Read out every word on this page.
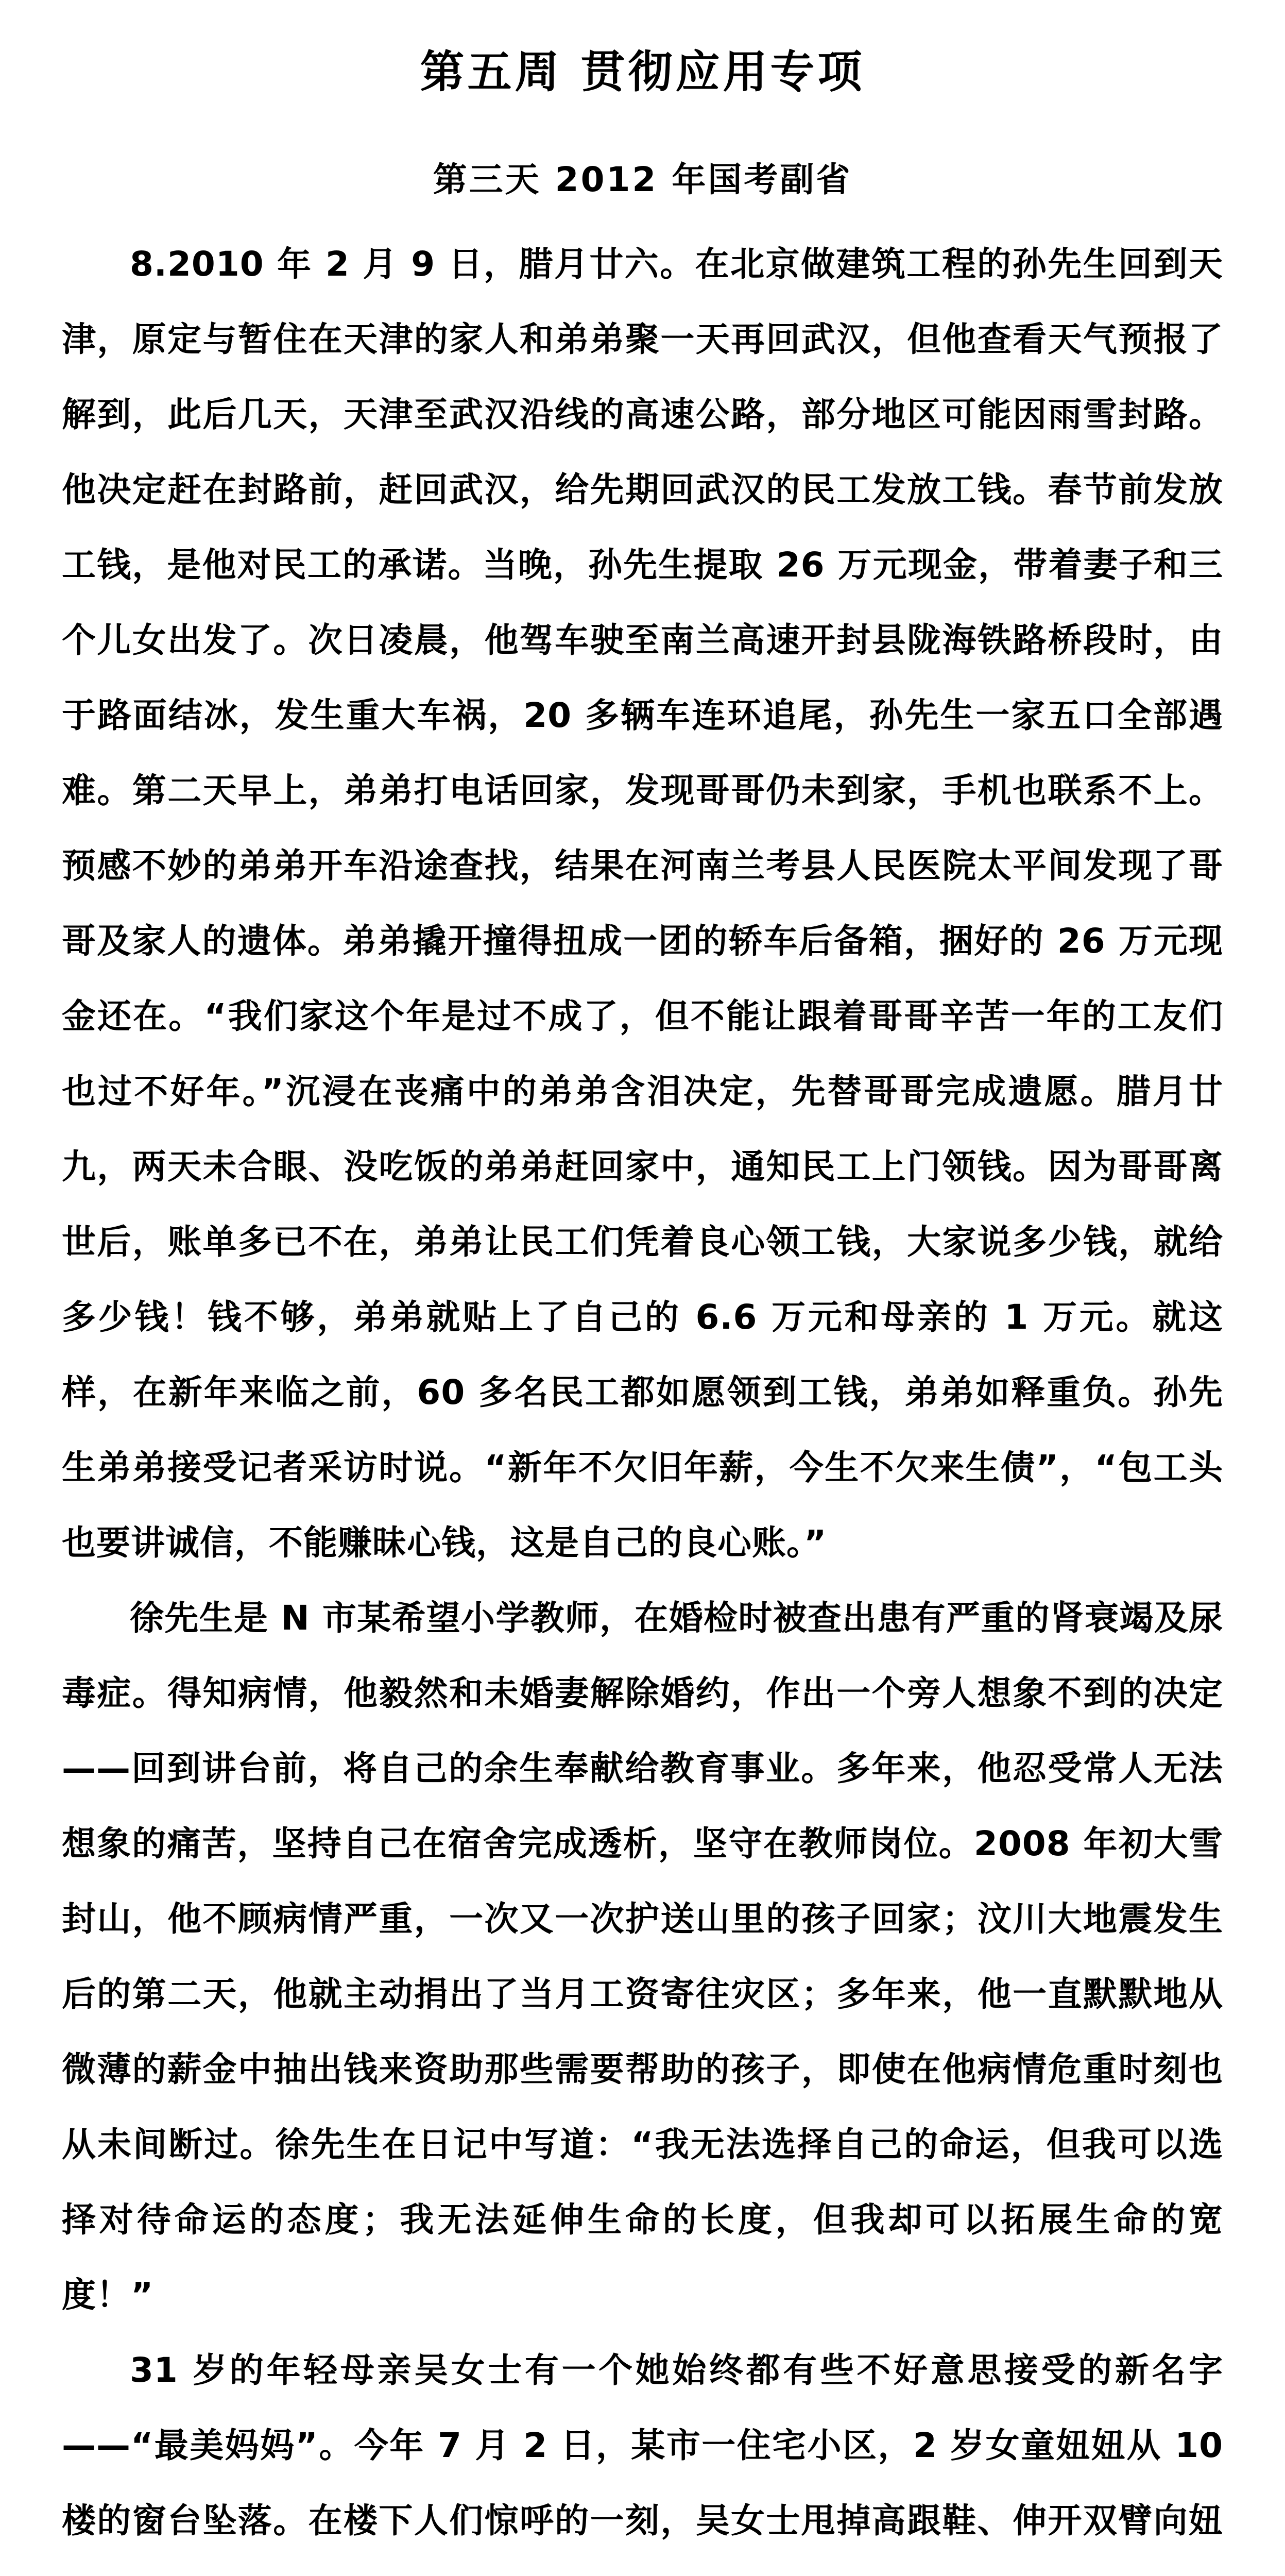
第五周 贯彻应用专项
第三天 2012 年国考副省

8.2010 年 2 月 9 日，腊月廿六。在北京做建筑工程的孙先生回到天津，原定与暂住在天津的家人和弟弟聚一天再回武汉，但他查看天气预报了解到，此后几天，天津至武汉沿线的高速公路，部分地区可能因雨雪封路。他决定赶在封路前，赶回武汉，给先期回武汉的民工发放工钱。春节前发放工钱，是他对民工的承诺。当晚，孙先生提取 26 万元现金，带着妻子和三个儿女出发了。次日凌晨，他驾车驶至南兰高速开封县陇海铁路桥段时，由于路面结冰，发生重大车祸，20 多辆车连环追尾，孙先生一家五口全部遇难。第二天早上，弟弟打电话回家，发现哥哥仍未到家，手机也联系不上。预感不妙的弟弟开车沿途查找，结果在河南兰考县人民医院太平间发现了哥哥及家人的遗体。弟弟撬开撞得扭成一团的轿车后备箱，捆好的 26 万元现金还在。“我们家这个年是过不成了，但不能让跟着哥哥辛苦一年的工友们也过不好年。”沉浸在丧痛中的弟弟含泪决定，先替哥哥完成遗愿。腊月廿九，两天未合眼、没吃饭的弟弟赶回家中，通知民工上门领钱。因为哥哥离世后，账单多已不在，弟弟让民工们凭着良心领工钱，大家说多少钱，就给多少钱！钱不够，弟弟就贴上了自己的 6.6 万元和母亲的 1 万元。就这样，在新年来临之前，60 多名民工都如愿领到工钱，弟弟如释重负。孙先生弟弟接受记者采访时说。“新年不欠旧年薪，今生不欠来生债”，“包工头也要讲诚信，不能赚昧心钱，这是自己的良心账。”

徐先生是 N 市某希望小学教师，在婚检时被查出患有严重的肾衰竭及尿毒症。得知病情，他毅然和未婚妻解除婚约，作出一个旁人想象不到的决定——回到讲台前，将自己的余生奉献给教育事业。多年来，他忍受常人无法想象的痛苦，坚持自己在宿舍完成透析，坚守在教师岗位。2008 年初大雪封山，他不顾病情严重，一次又一次护送山里的孩子回家；汶川大地震发生后的第二天，他就主动捐出了当月工资寄往灾区；多年来，他一直默默地从微薄的薪金中抽出钱来资助那些需要帮助的孩子，即使在他病情危重时刻也从未间断过。徐先生在日记中写道：“我无法选择自己的命运，但我可以选择对待命运的态度；我无法延伸生命的长度，但我却可以拓展生命的宽度！”

31 岁的年轻母亲吴女士有一个她始终都有些不好意思接受的新名字——“最美妈妈”。今年 7 月 2 日，某市一住宅小区，2 岁女童妞妞从 10 楼的窗台坠落。在楼下人们惊呼的一刻，吴女士甩掉高跟鞋、伸开双臂向妞
